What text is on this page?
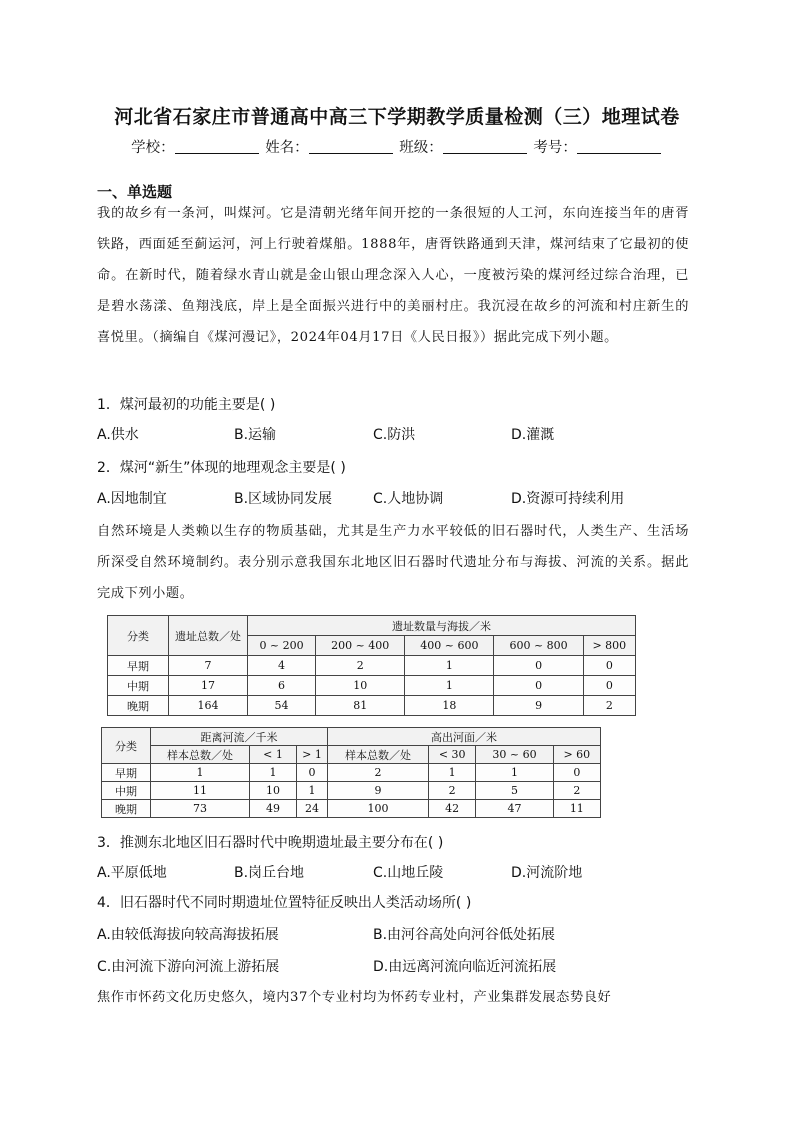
河北省石家庄市普通高中高三下学期教学质量检测（三）地理试卷
学校：	姓名：	班级：	考号：
一、单选题
我的故乡有一条河，叫煤河。它是清朝光绪年间开挖的一条很短的人工河，东向连接当年的唐胥铁路，西面延至蓟运河，河上行驶着煤船。1888年，唐胥铁路通到天津，煤河结束了它最初的使命。在新时代，随着绿水青山就是金山银山理念深入人心，一度被污染的煤河经过综合治理，已是碧水荡漾、鱼翔浅底，岸上是全面振兴进行中的美丽村庄。我沉浸在故乡的河流和村庄新生的喜悦里。（摘编自《煤河漫记》，2024年04月17日《人民日报》）据此完成下列小题。
1．煤河最初的功能主要是( )
A.供水	B.运输	C.防洪	D.灌溉
2．煤河“新生”体现的地理观念主要是( )
A.因地制宜	B.区域协同发展	C.人地协调	D.资源可持续利用
自然环境是人类赖以生存的物质基础，尤其是生产力水平较低的旧石器时代，人类生产、生活场所深受自然环境制约。表分别示意我国东北地区旧石器时代遗址分布与海拔、河流的关系。据此完成下列小题。
分类	遗址总数／处	遗址数量与海拔／米				
		0 ~ 200	200 ~ 400	400 ~ 600	600 ~ 800	> 800
早期	7	4	2	1	0	0
中期	17	6	10	1	0	0
晚期	164	54	81	18	9	2
分类	距离河流／千米			高出河面／米			
	样本总数／处	< 1	> 1	样本总数／处	< 30	30 ~ 60	> 60
早期	1	1	0	2	1	1	0
中期	11	10	1	9	2	5	2
晚期	73	49	24	100	42	47	11
3．推测东北地区旧石器时代中晚期遗址最主要分布在( )
A.平原低地	B.岗丘台地	C.山地丘陵	D.河流阶地
4．旧石器时代不同时期遗址位置特征反映出人类活动场所( )
A.由较低海拔向较高海拔拓展	B.由河谷高处向河谷低处拓展
C.由河流下游向河流上游拓展	D.由远离河流向临近河流拓展
焦作市怀药文化历史悠久，境内37个专业村均为怀药专业村，产业集群发展态势良好
